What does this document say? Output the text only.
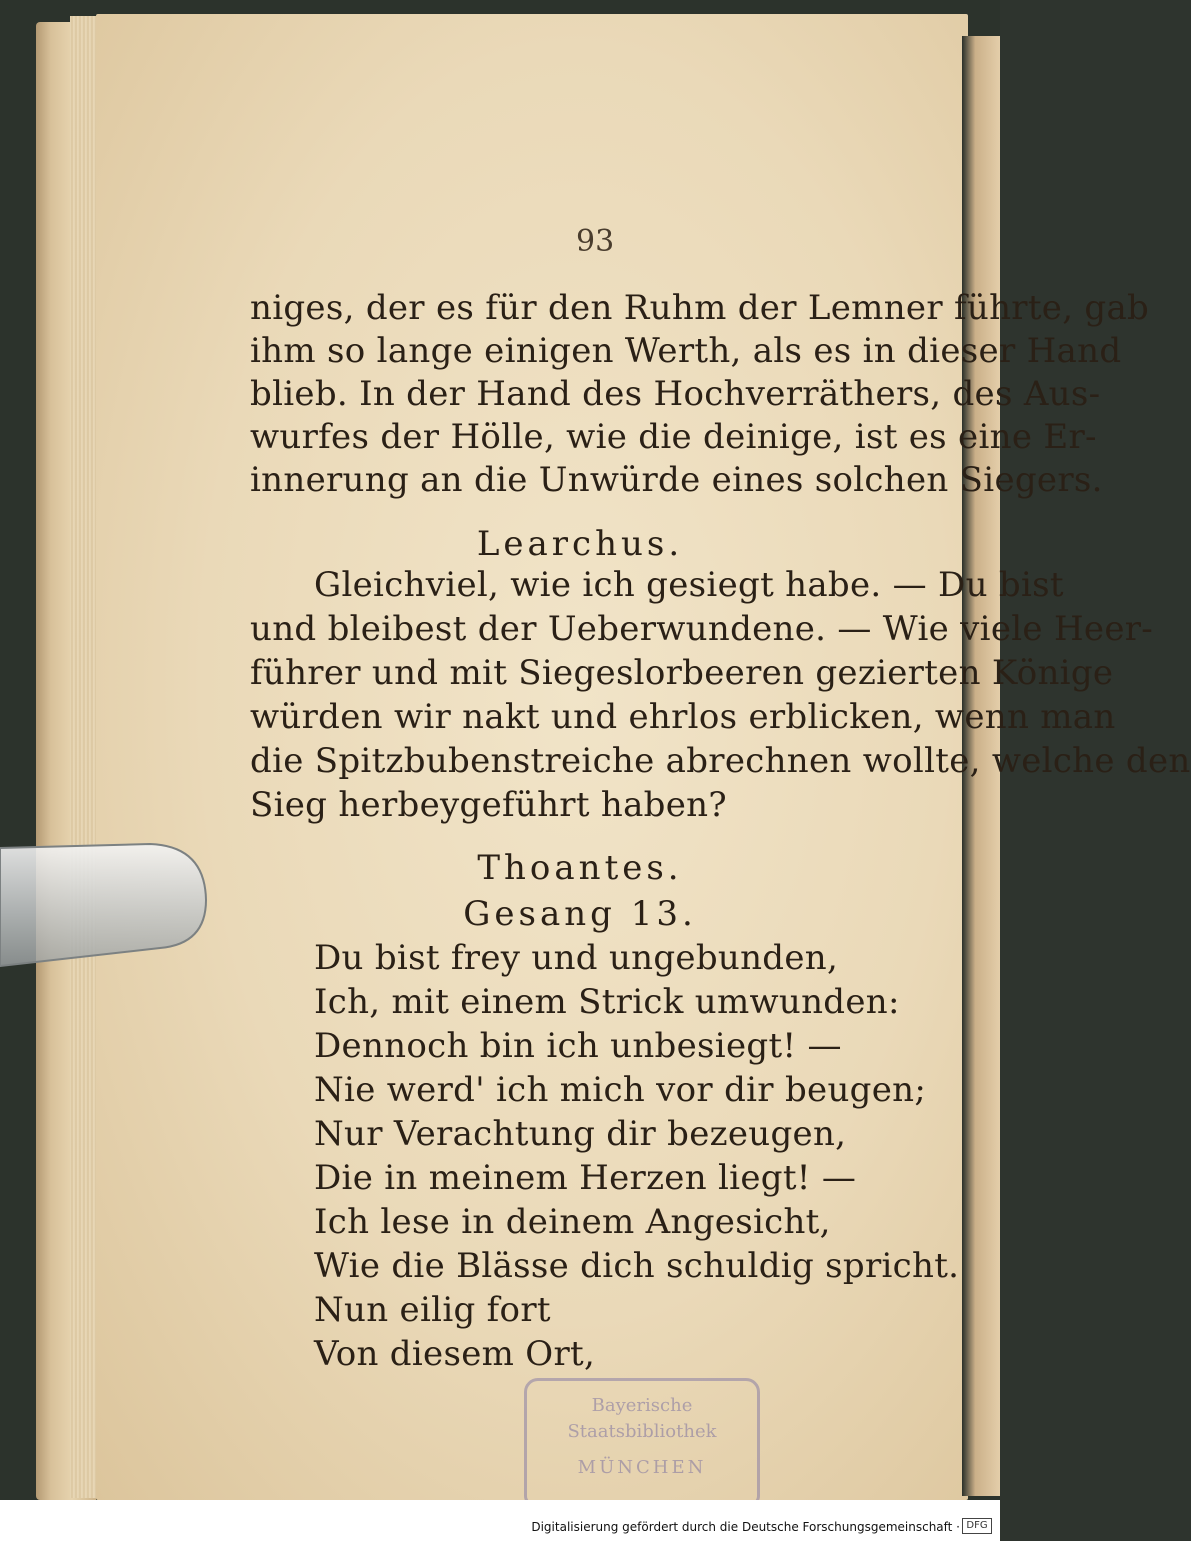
93
niges, der es für den Ruhm der Lemner führte, gab
ihm so lange einigen Werth, als es in dieser Hand
blieb. In der Hand des Hochverräthers, des Aus-
wurfes der Hölle, wie die deinige, ist es eine Er-
innerung an die Unwürde eines solchen Siegers.
Learchus.
Gleichviel, wie ich gesiegt habe. — Du bist
und bleibest der Ueberwundene. — Wie viele Heer-
führer und mit Siegeslorbeeren gezierten Könige
würden wir nakt und ehrlos erblicken, wenn man
die Spitzbubenstreiche abrechnen wollte, welche den
Sieg herbeygeführt haben?
Thoantes.
Gesang 13.
Du bist frey und ungebunden,
Ich, mit einem Strick umwunden:
Dennoch bin ich unbesiegt! —
Nie werd' ich mich vor dir beugen;
Nur Verachtung dir bezeugen,
Die in meinem Herzen liegt! —
Ich lese in deinem Angesicht,
Wie die Blässe dich schuldig spricht.
Nun eilig fort
Von diesem Ort,
Bayerische
Staatsbibliothek
MÜNCHEN
Digitalisierung gefördert durch die Deutsche Forschungsgemeinschaft · DFG
